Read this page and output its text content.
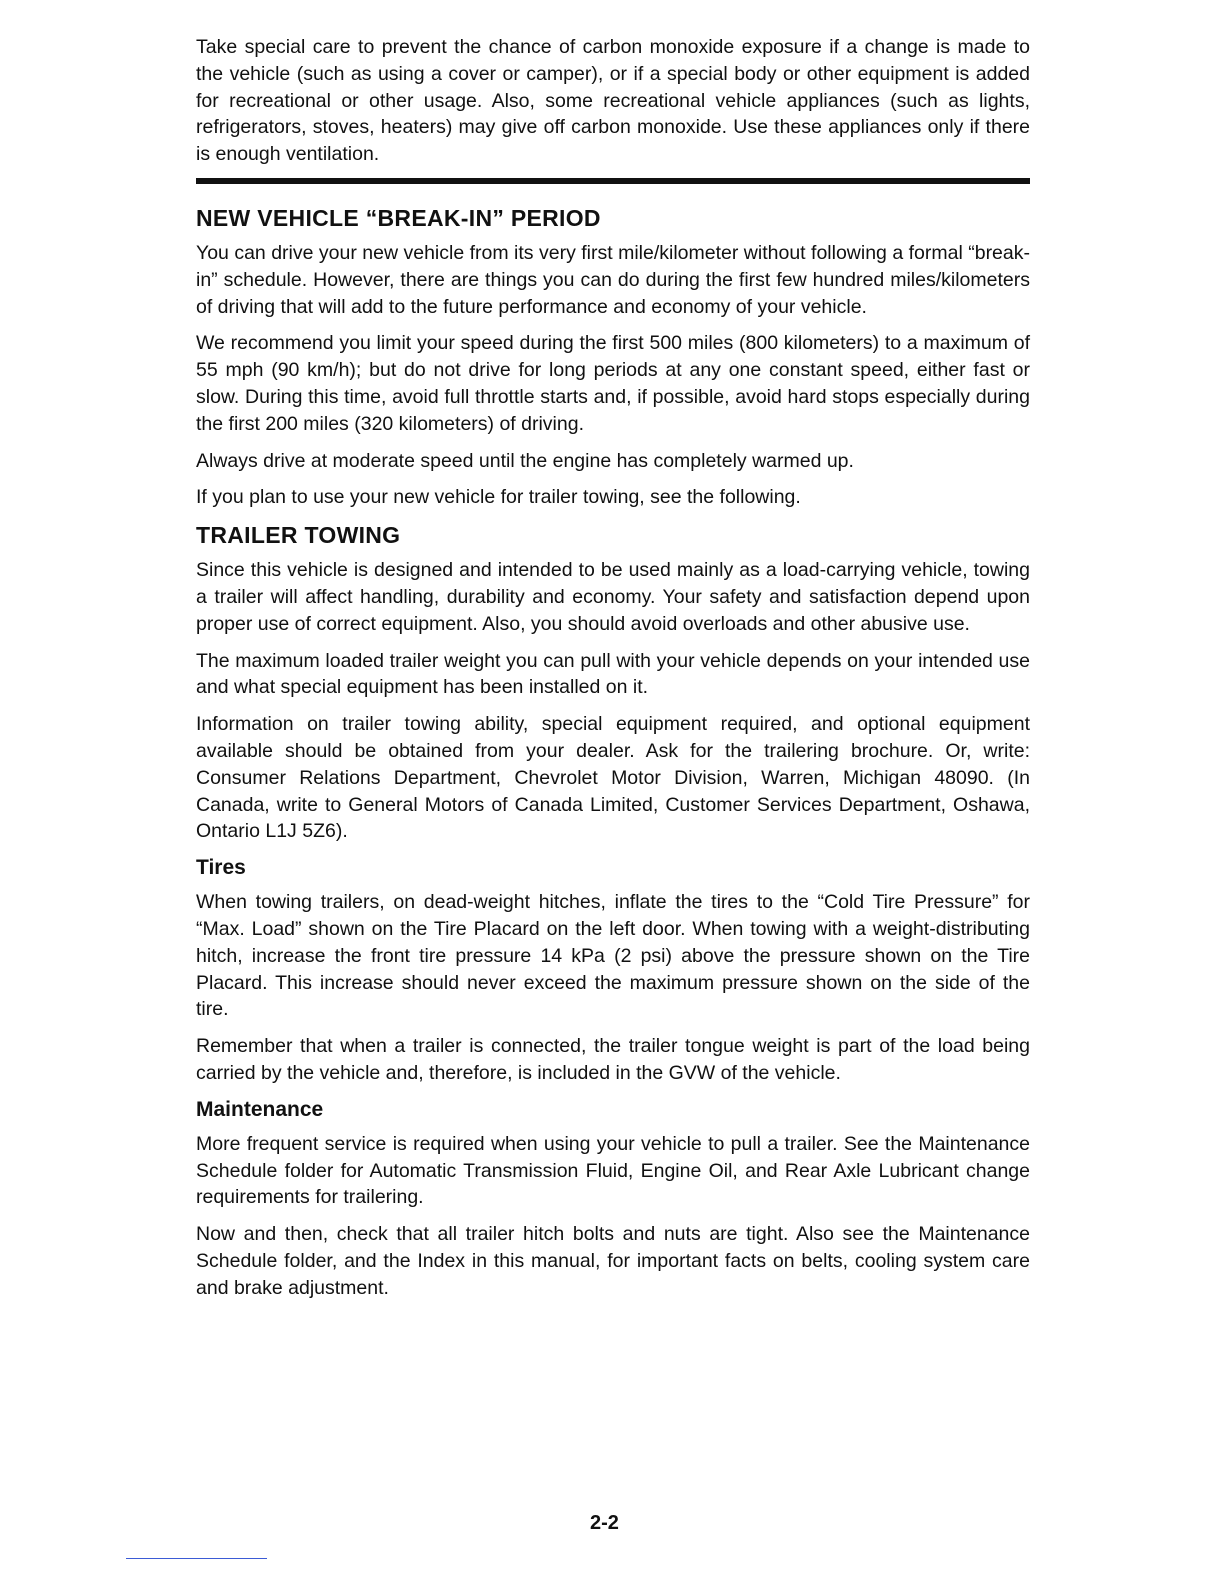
Take special care to prevent the chance of carbon monoxide exposure if a change is made to the vehicle (such as using a cover or camper), or if a special body or other equipment is added for recreational or other usage. Also, some recreational vehicle appliances (such as lights, refrigerators, stoves, heaters) may give off carbon monoxide. Use these appliances only if there is enough ventilation.

NEW VEHICLE “BREAK-IN” PERIOD

You can drive your new vehicle from its very first mile/kilometer without following a formal “break-in” schedule. However, there are things you can do during the first few hundred miles/kilometers of driving that will add to the future performance and economy of your vehicle.

We recommend you limit your speed during the first 500 miles (800 kilometers) to a maximum of 55 mph (90 km/h); but do not drive for long periods at any one constant speed, either fast or slow. During this time, avoid full throttle starts and, if possible, avoid hard stops especially during the first 200 miles (320 kilometers) of driving.

Always drive at moderate speed until the engine has completely warmed up.

If you plan to use your new vehicle for trailer towing, see the following.

TRAILER TOWING

Since this vehicle is designed and intended to be used mainly as a load-carrying vehicle, towing a trailer will affect handling, durability and economy. Your safety and satisfaction depend upon proper use of correct equipment. Also, you should avoid overloads and other abusive use.

The maximum loaded trailer weight you can pull with your vehicle depends on your intended use and what special equipment has been installed on it.

Information on trailer towing ability, special equipment required, and optional equipment available should be obtained from your dealer. Ask for the trailering brochure. Or, write: Consumer Relations Department, Chevrolet Motor Division, Warren, Michigan 48090. (In Canada, write to General Motors of Canada Limited, Customer Services Department, Oshawa, Ontario L1J 5Z6).

Tires

When towing trailers, on dead-weight hitches, inflate the tires to the “Cold Tire Pressure” for “Max. Load” shown on the Tire Placard on the left door. When towing with a weight-distributing hitch, increase the front tire pressure 14 kPa (2 psi) above the pressure shown on the Tire Placard. This increase should never exceed the maximum pressure shown on the side of the tire.

Remember that when a trailer is connected, the trailer tongue weight is part of the load being carried by the vehicle and, therefore, is included in the GVW of the vehicle.

Maintenance

More frequent service is required when using your vehicle to pull a trailer. See the Maintenance Schedule folder for Automatic Transmission Fluid, Engine Oil, and Rear Axle Lubricant change requirements for trailering.

Now and then, check that all trailer hitch bolts and nuts are tight. Also see the Maintenance Schedule folder, and the Index in this manual, for important facts on belts, cooling system care and brake adjustment.

2-2
